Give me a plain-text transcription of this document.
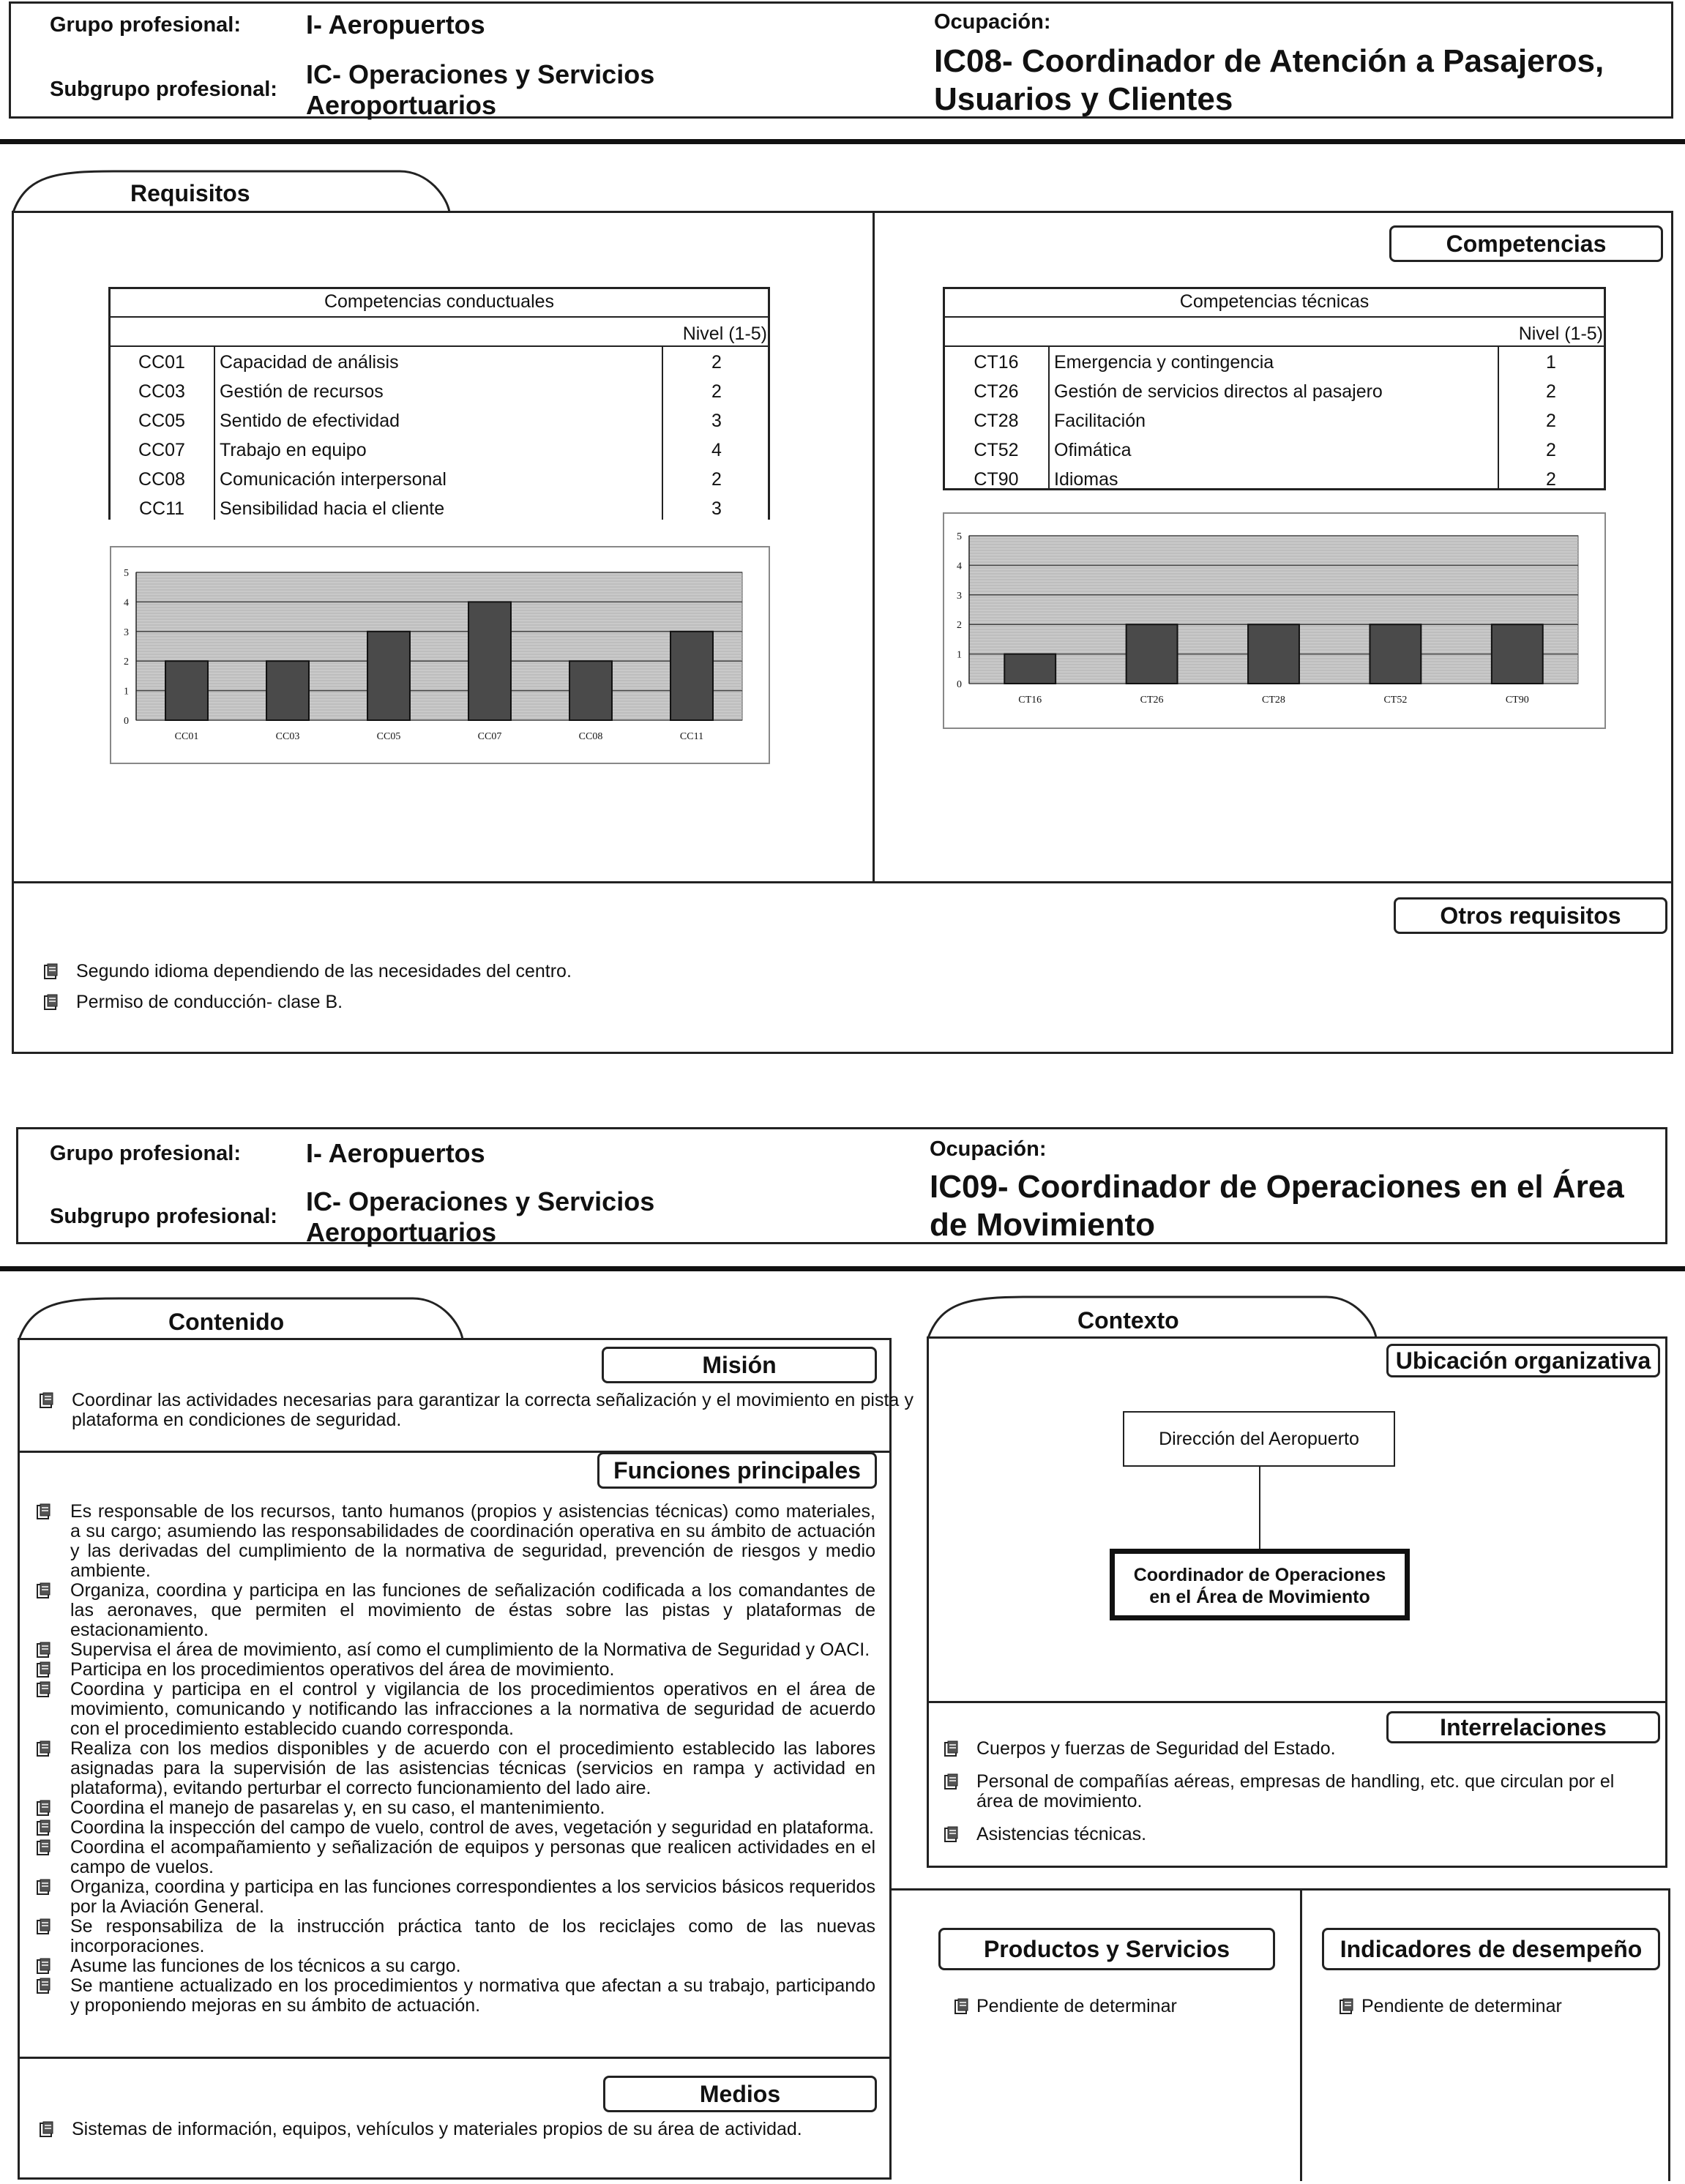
Grupo profesional: I- Aeropuertos
Subgrupo profesional: IC- Operaciones y Servicios
Aeroportuarios
Ocupación:
IC08- Coordinador de Atención a Pasajeros,
Usuarios y Clientes
Requisitos
Competencias
Competencias conductuales
Nivel (1-5)
CC01	Capacidad de análisis	2
CC03	Gestión de recursos	2
CC05	Sentido de efectividad	3
CC07	Trabajo en equipo	4
CC08	Comunicación interpersonal	2
CC11	Sensibilidad hacia el cliente	3
Competencias técnicas
Nivel (1-5)
CT16	Emergencia y contingencia	1
CT26	Gestión de servicios directos al pasajero	2
CT28	Facilitación	2
CT52	Ofimática	2
CT90	Idiomas	2
0
1
2
3
4
5
CC01	CC03	CC05	CC07	CC08	CC11
0
1
2
3
4
5
CT16	CT26	CT28	CT52	CT90
Otros requisitos
Segundo idioma dependiendo de las necesidades del centro.
Permiso de conducción- clase B.
Grupo profesional: I- Aeropuertos
Subgrupo profesional: IC- Operaciones y Servicios
Aeroportuarios
Ocupación:
IC09- Coordinador de Operaciones en el Área
de Movimiento
Contenido
Misión
Coordinar las actividades necesarias para garantizar la correcta señalización y el movimiento en pista y plataforma en condiciones de seguridad.
Funciones principales
Es responsable de los recursos, tanto humanos (propios y asistencias técnicas) como materiales, a su cargo; asumiendo las responsabilidades de coordinación operativa en su ámbito de actuación y las derivadas del cumplimiento de la normativa de seguridad, prevención de riesgos y medio ambiente.
Organiza, coordina y participa en las funciones de señalización codificada a los comandantes de las aeronaves, que permiten el movimiento de éstas sobre las pistas y plataformas de estacionamiento.
Supervisa el área de movimiento, así como el cumplimiento de la Normativa de Seguridad y OACI.
Participa en los procedimientos operativos del área de movimiento.
Coordina y participa en el control y vigilancia de los procedimientos operativos en el área de movimiento, comunicando y notificando las infracciones a la normativa de seguridad de acuerdo con el procedimiento establecido cuando corresponda.
Realiza con los medios disponibles y de acuerdo con el procedimiento establecido las labores asignadas para la supervisión de las asistencias técnicas (servicios en rampa y actividad en plataforma), evitando perturbar el correcto funcionamiento del lado aire.
Coordina el manejo de pasarelas y, en su caso, el mantenimiento.
Coordina la inspección del campo de vuelo, control de aves, vegetación y seguridad en plataforma.
Coordina el acompañamiento y señalización de equipos y personas que realicen actividades en el campo de vuelos.
Organiza, coordina y participa en las funciones correspondientes a los servicios básicos requeridos por la Aviación General.
Se responsabiliza de la instrucción práctica tanto de los reciclajes como de las nuevas incorporaciones.
Asume las funciones de los técnicos a su cargo.
Se mantiene actualizado en los procedimientos y normativa que afectan a su trabajo, participando y proponiendo mejoras en su ámbito de actuación.
Medios
Sistemas de información, equipos, vehículos y materiales propios de su área de actividad.
Contexto
Ubicación organizativa
Dirección del Aeropuerto
Coordinador de Operaciones
en el Área de Movimiento
Interrelaciones
Cuerpos y fuerzas de Seguridad del Estado.
Personal de compañías aéreas, empresas de handling, etc. que circulan por el área de movimiento.
Asistencias técnicas.
Productos y Servicios
Pendiente de determinar
Indicadores de desempeño
Pendiente de determinar
